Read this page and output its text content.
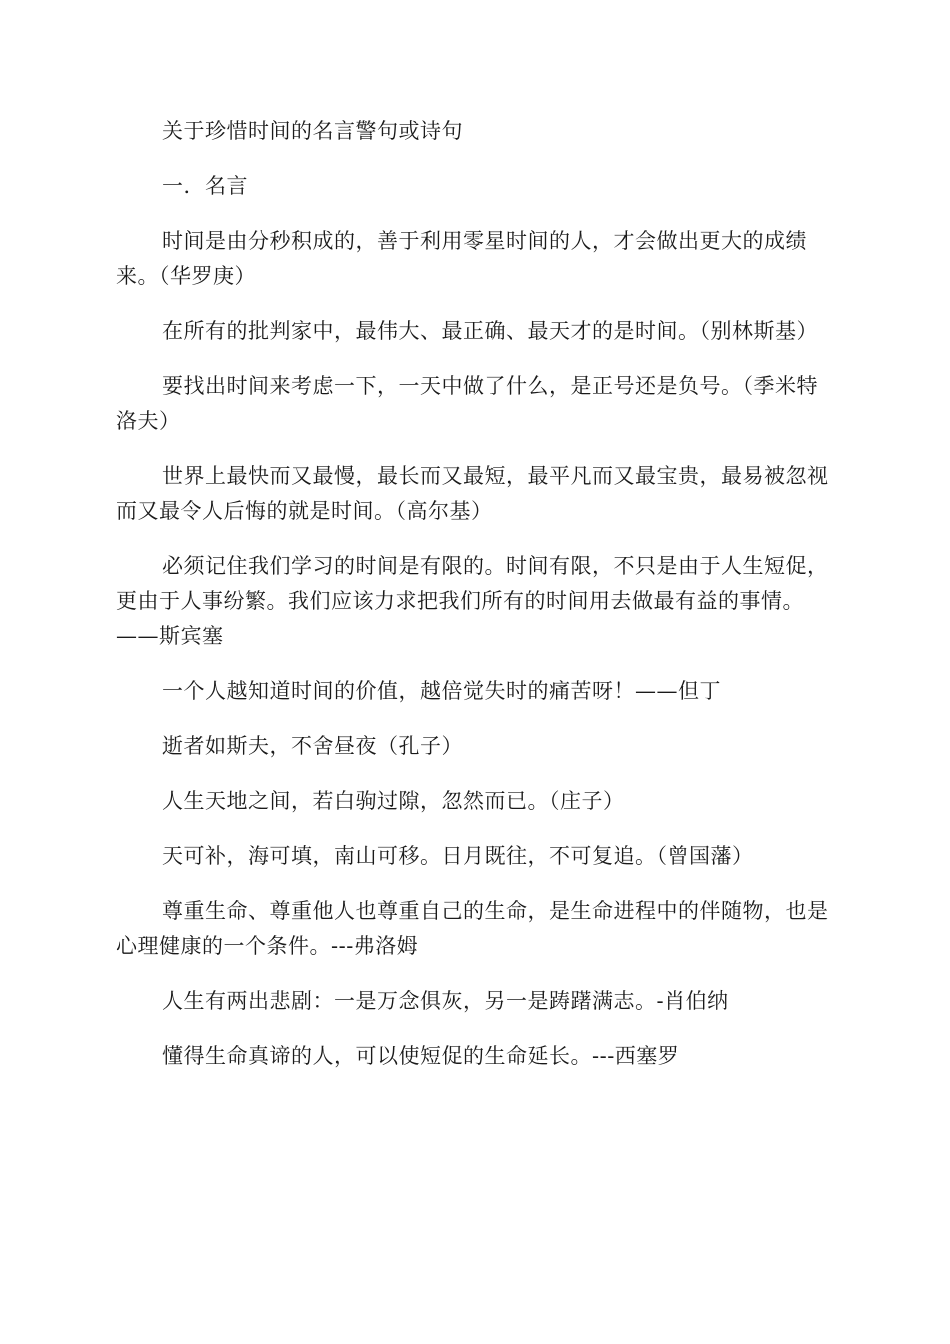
关于珍惜时间的名言警句或诗句

一．名言

时间是由分秒积成的，善于利用零星时间的人，才会做出更大的成绩来。（华罗庚）

在所有的批判家中，最伟大、最正确、最天才的是时间。（别林斯基）

要找出时间来考虑一下，一天中做了什么，是正号还是负号。（季米特洛夫）

世界上最快而又最慢，最长而又最短，最平凡而又最宝贵，最易被忽视而又最令人后悔的就是时间。（高尔基）

必须记住我们学习的时间是有限的。时间有限，不只是由于人生短促，更由于人事纷繁。我们应该力求把我们所有的时间用去做最有益的事情。——斯宾塞

一个人越知道时间的价值，越倍觉失时的痛苦呀！——但丁

逝者如斯夫，不舍昼夜（孔子）

人生天地之间，若白驹过隙，忽然而已。（庄子）

天可补，海可填，南山可移。日月既往，不可复追。（曾国藩）

尊重生命、尊重他人也尊重自己的生命，是生命进程中的伴随物，也是心理健康的一个条件。---弗洛姆

人生有两出悲剧：一是万念俱灰，另一是踌躇满志。-肖伯纳

懂得生命真谛的人，可以使短促的生命延长。---西塞罗
